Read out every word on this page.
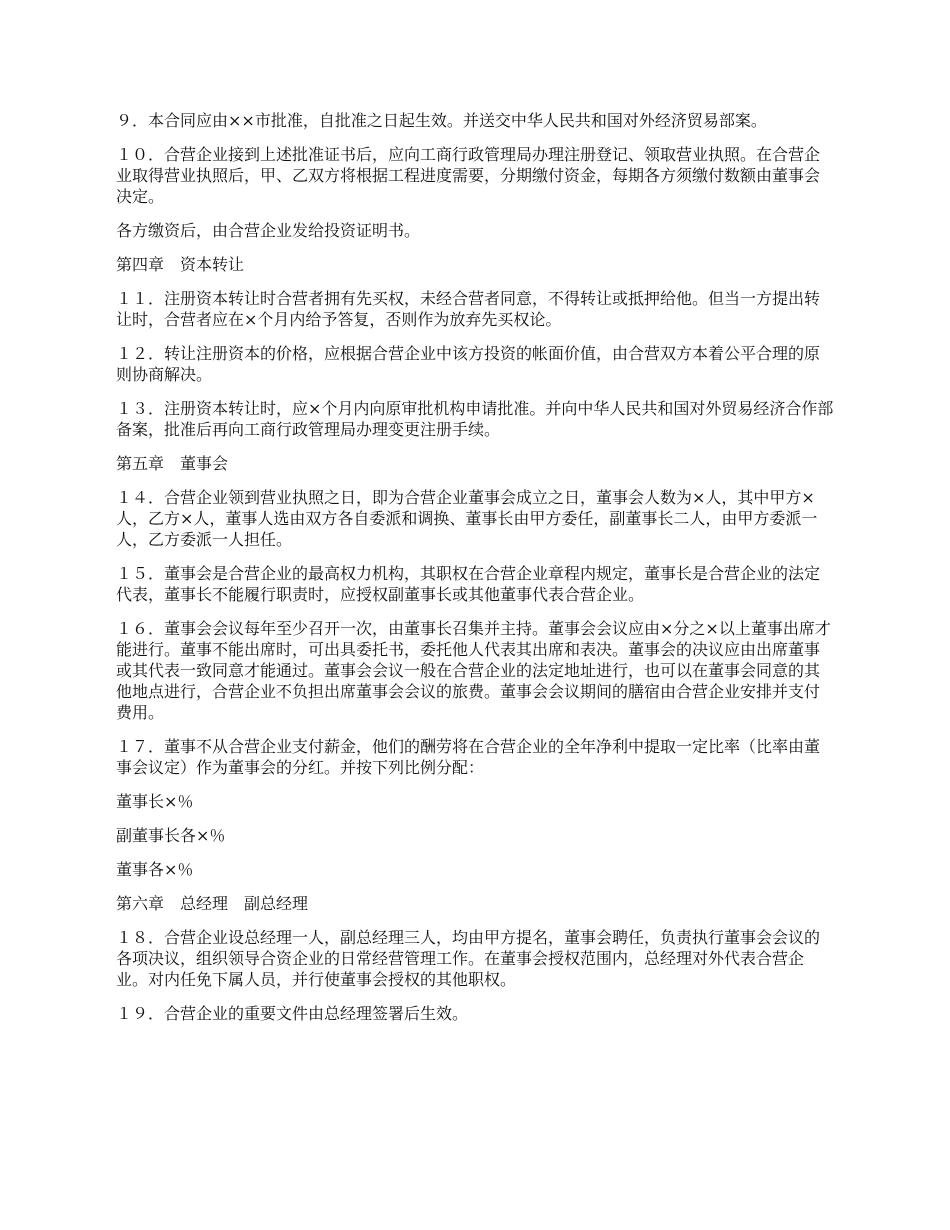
９．本合同应由××市批准，自批准之日起生效。并送交中华人民共和国对外经济贸易部案。

１０．合营企业接到上述批准证书后，应向工商行政管理局办理注册登记、领取营业执照。在合营企业取得营业执照后，甲、乙双方将根据工程进度需要，分期缴付资金，每期各方须缴付数额由董事会决定。

各方缴资后，由合营企业发给投资证明书。

第四章　资本转让

１１．注册资本转让时合营者拥有先买权，未经合营者同意，不得转让或抵押给他。但当一方提出转让时，合营者应在×个月内给予答复，否则作为放弃先买权论。

１２．转让注册资本的价格，应根据合营企业中该方投资的帐面价值，由合营双方本着公平合理的原则协商解决。

１３．注册资本转让时，应×个月内向原审批机构申请批准。并向中华人民共和国对外贸易经济合作部备案，批准后再向工商行政管理局办理变更注册手续。

第五章　董事会

１４．合营企业领到营业执照之日，即为合营企业董事会成立之日，董事会人数为×人，其中甲方×人，乙方×人，董事人选由双方各自委派和调换、董事长由甲方委任，副董事长二人，由甲方委派一人，乙方委派一人担任。

１５．董事会是合营企业的最高权力机构，其职权在合营企业章程内规定，董事长是合营企业的法定代表，董事长不能履行职责时，应授权副董事长或其他董事代表合营企业。

１６．董事会会议每年至少召开一次，由董事长召集并主持。董事会会议应由×分之×以上董事出席才能进行。董事不能出席时，可出具委托书，委托他人代表其出席和表决。董事会的决议应由出席董事或其代表一致同意才能通过。董事会会议一般在合营企业的法定地址进行，也可以在董事会同意的其他地点进行，合营企业不负担出席董事会会议的旅费。董事会会议期间的膳宿由合营企业安排并支付费用。

１７．董事不从合营企业支付薪金，他们的酬劳将在合营企业的全年净利中提取一定比率（比率由董事会议定）作为董事会的分红。并按下列比例分配：

董事长×％

副董事长各×％

董事各×％

第六章　总经理　副总经理

１８．合营企业设总经理一人，副总经理三人，均由甲方提名，董事会聘任，负责执行董事会会议的各项决议，组织领导合资企业的日常经营管理工作。在董事会授权范围内，总经理对外代表合营企业。对内任免下属人员，并行使董事会授权的其他职权。

１９．合营企业的重要文件由总经理签署后生效。
